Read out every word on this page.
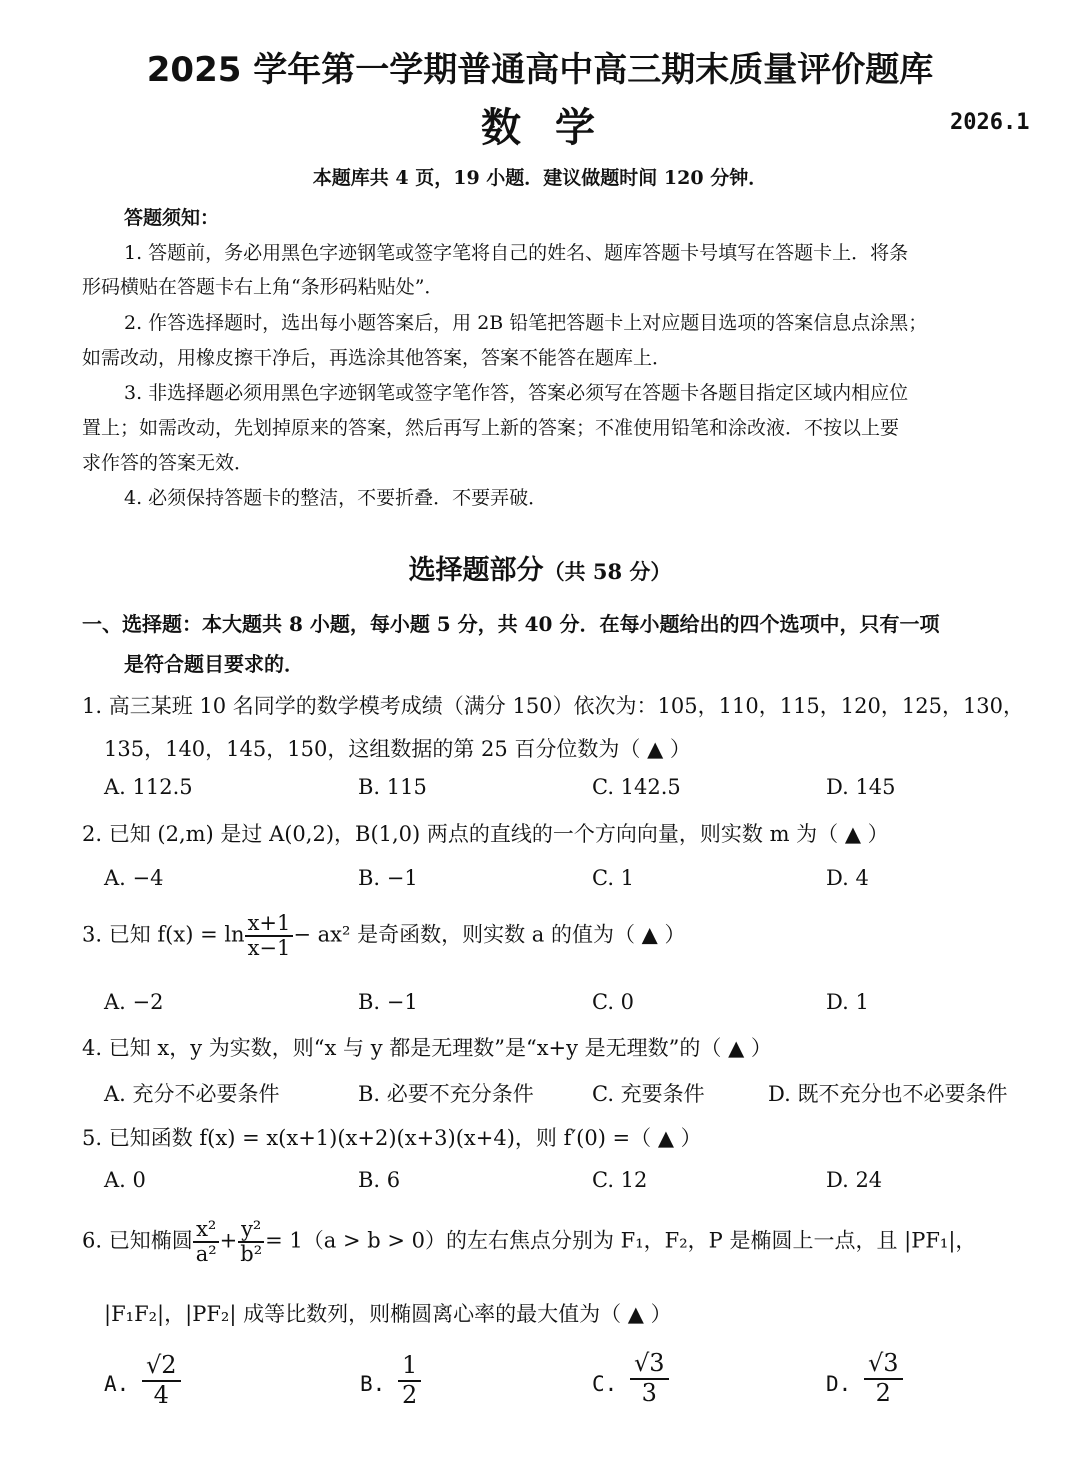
2025 学年第一学期普通高中高三期末质量评价题库
数学	2026.1
本题库共 4 页，19 小题．建议做题时间 120 分钟．
答题须知：
1. 答题前，务必用黑色字迹钢笔或签字笔将自己的姓名、题库答题卡号填写在答题卡上．将条
形码横贴在答题卡右上角“条形码粘贴处”．
2. 作答选择题时，选出每小题答案后，用 2B 铅笔把答题卡上对应题目选项的答案信息点涂黑；
如需改动，用橡皮擦干净后，再选涂其他答案，答案不能答在题库上．
3. 非选择题必须用黑色字迹钢笔或签字笔作答，答案必须写在答题卡各题目指定区域内相应位
置上；如需改动，先划掉原来的答案，然后再写上新的答案；不准使用铅笔和涂改液．不按以上要
求作答的答案无效．
4. 必须保持答题卡的整洁，不要折叠．不要弄破．
选择题部分（共 58 分）
一、选择题：本大题共 8 小题，每小题 5 分，共 40 分．在每小题给出的四个选项中，只有一项
是符合题目要求的．
1. 高三某班 10 名同学的数学模考成绩（满分 150）依次为：105，110，115，120，125，130，
135，140，145，150，这组数据的第 25 百分位数为（ ▲ ）
A. 112.5	B. 115	C. 142.5	D. 145
2. 已知 (2,m) 是过 A(0,2)，B(1,0) 两点的直线的一个方向向量，则实数 m 为（ ▲ ）
A. −4	B. −1	C. 1	D. 4
3. 已知 $f(x) = \ln \frac{x+1}{x-1} - ax^2$ 是奇函数，则实数 a 的值为（ ▲ ）
A. −2	B. −1	C. 0	D. 1
4. 已知 x，y 为实数，则“x 与 y 都是无理数”是“x+y 是无理数”的（ ▲ ）
A. 充分不必要条件	B. 必要不充分条件	C. 充要条件	D. 既不充分也不必要条件
5. 已知函数 f(x) = x(x+1)(x+2)(x+3)(x+4)，则 f′(0) =（ ▲ ）
A. 0	B. 6	C. 12	D. 24
6. 已知椭圆 $\frac{\text{x²}}{\text{a²}} + \frac{\text{y²}}{\text{b²}} = 1(a > b > 0)$的左右焦点分别为 F₁，F₂，P 是椭圆上一点，且 |PF₁|，
|F₁F₂|，|PF₂| 成等比数列，则椭圆离心率的最大值为（ ▲ ）
A. $\frac{√2}{4}$	B. $\frac{1}{2}$	C. $\frac{√3}{3}$	D. $\frac{√3}{2}$
